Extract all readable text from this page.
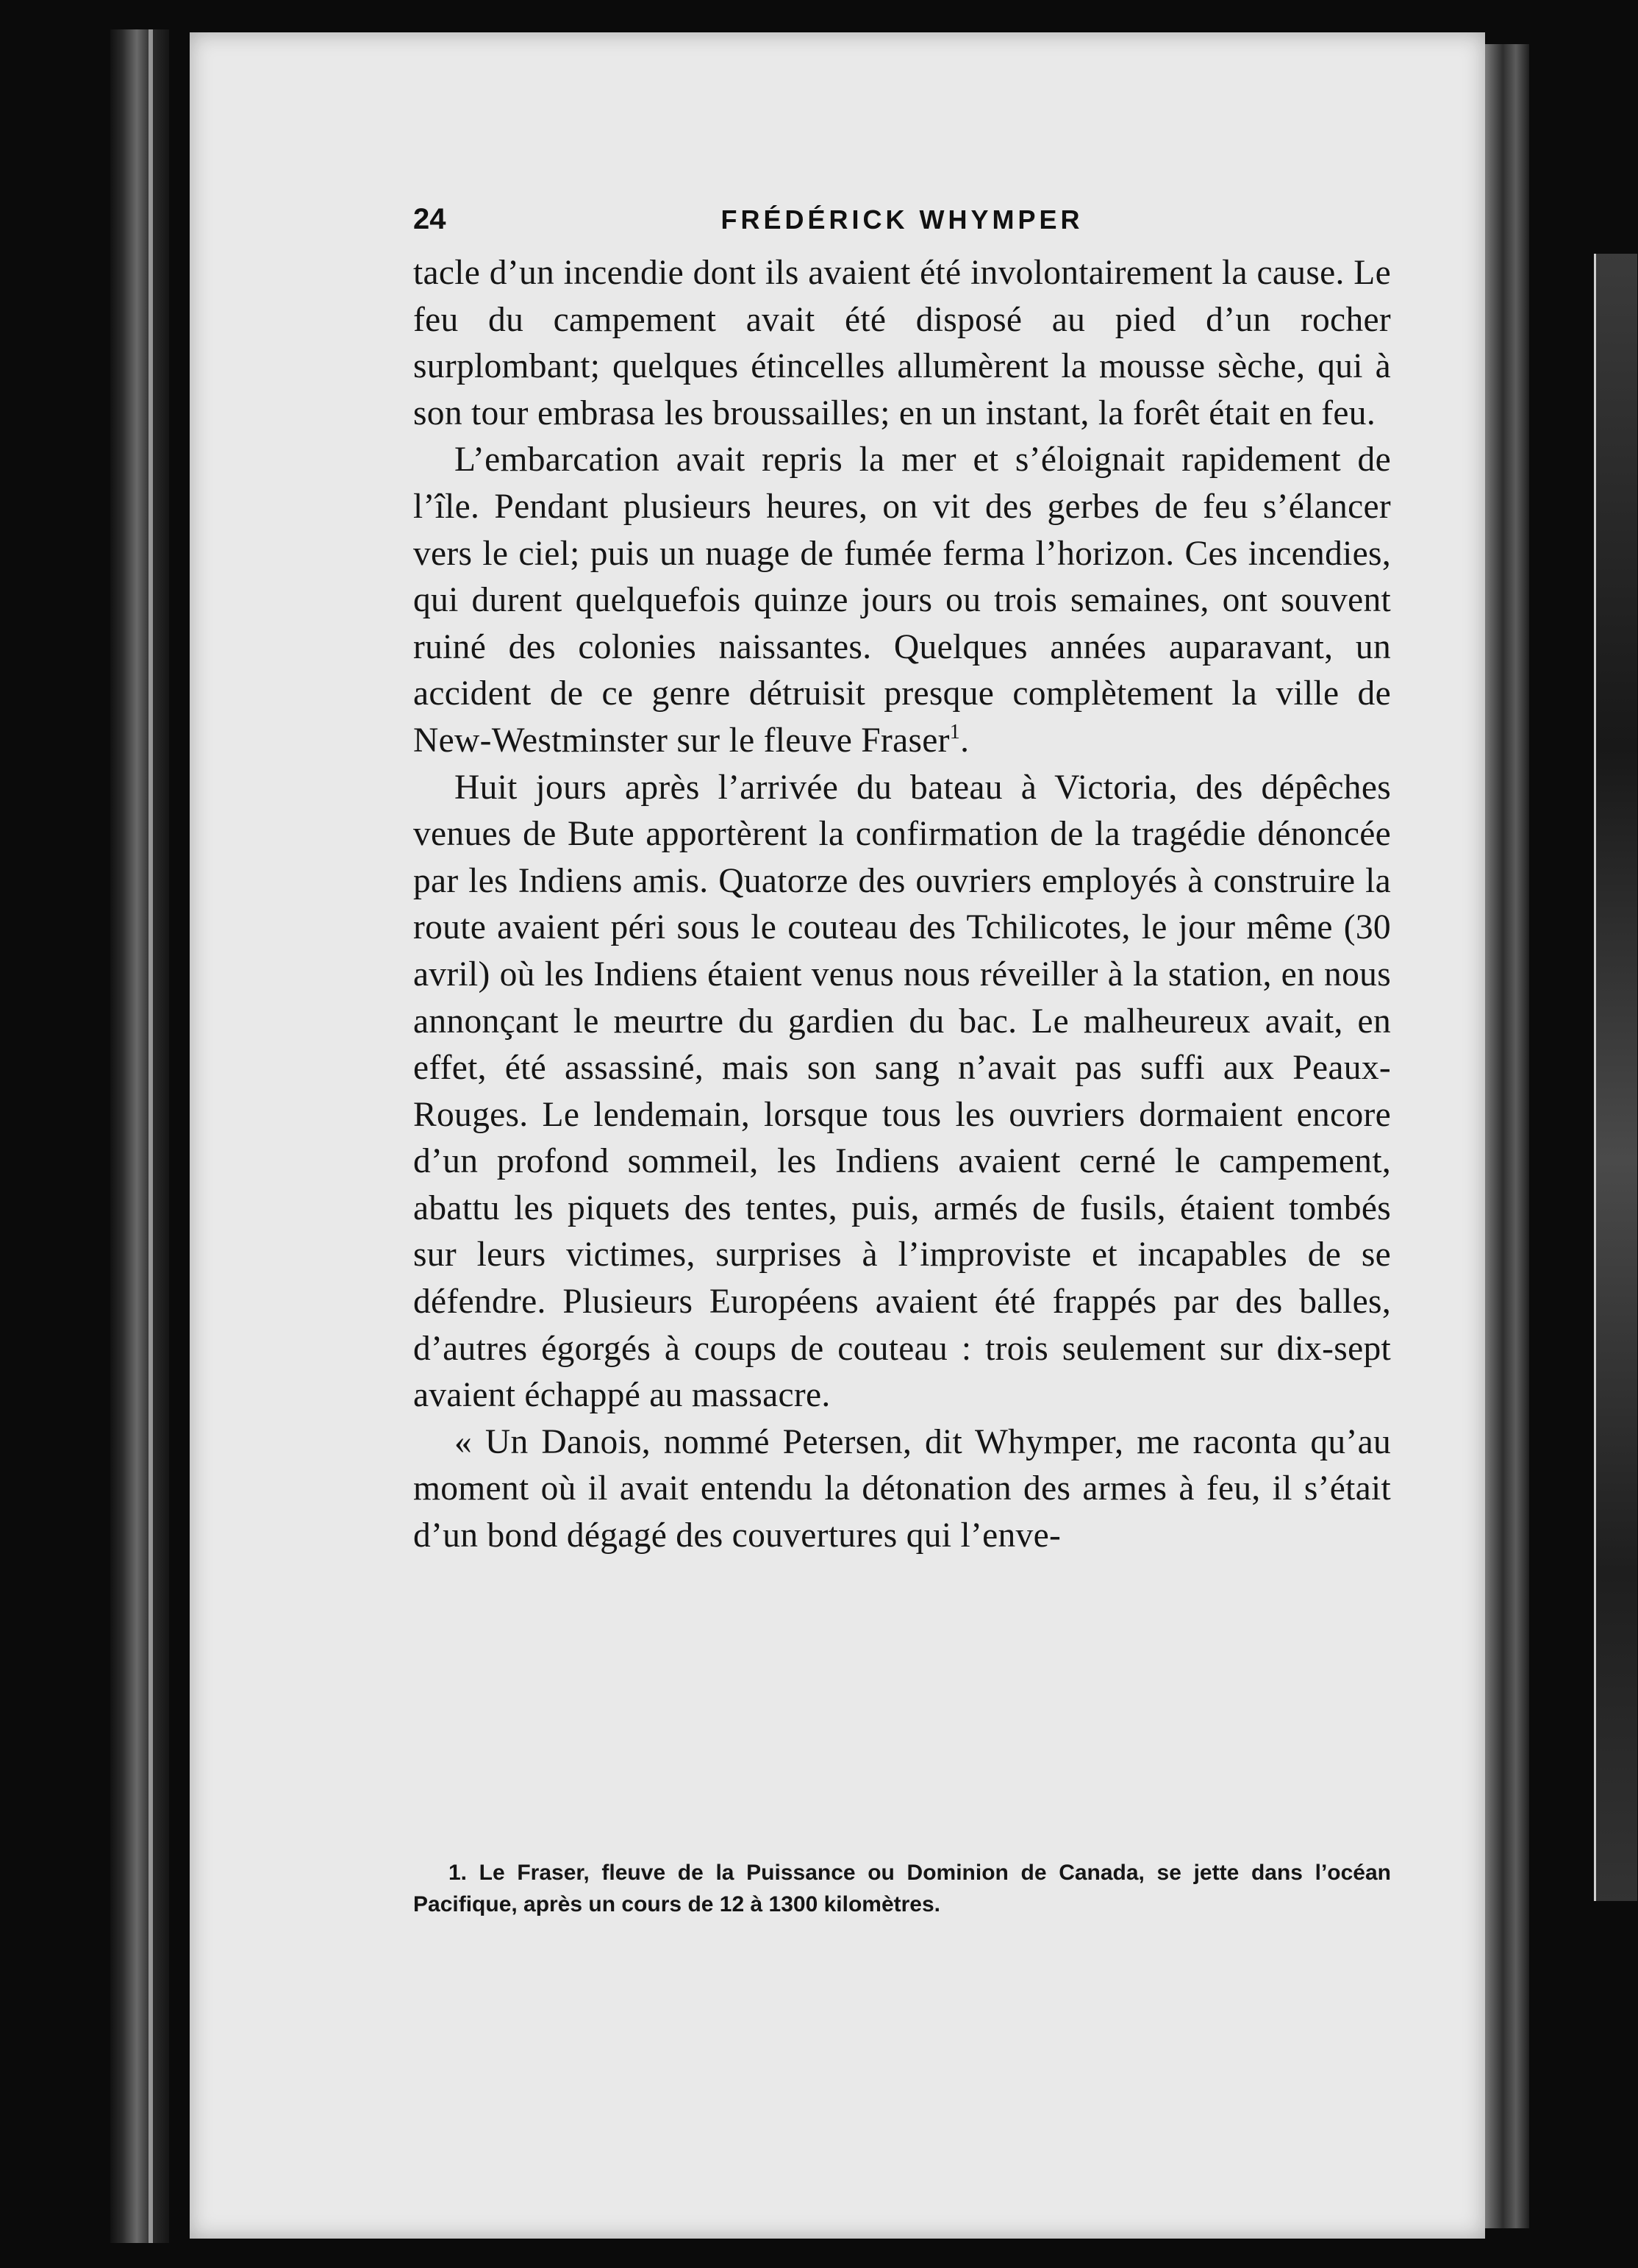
24	FRÉDÉRICK WHYMPER

tacle d’un incendie dont ils avaient été involontairement la cause. Le feu du campement avait été disposé au pied d’un rocher surplombant; quelques étincelles allumèrent la mousse sèche, qui à son tour embrasa les broussailles; en un instant, la forêt était en feu.

L’embarcation avait repris la mer et s’éloignait rapidement de l’île. Pendant plusieurs heures, on vit des gerbes de feu s’élancer vers le ciel; puis un nuage de fumée ferma l’horizon. Ces incendies, qui durent quelquefois quinze jours ou trois semaines, ont souvent ruiné des colonies naissantes. Quelques années auparavant, un accident de ce genre détruisit presque complètement la ville de New-Westminster sur le fleuve Fraser$^1$.

Huit jours après l’arrivée du bateau à Victoria, des dépêches venues de Bute apportèrent la confirmation de la tragédie dénoncée par les Indiens amis. Quatorze des ouvriers employés à construire la route avaient péri sous le couteau des Tchilicotes, le jour même (30 avril) où les Indiens étaient venus nous réveiller à la station, en nous annonçant le meurtre du gardien du bac. Le malheureux avait, en effet, été assassiné, mais son sang n’avait pas suffi aux Peaux-Rouges. Le lendemain, lorsque tous les ouvriers dormaient encore d’un profond sommeil, les Indiens avaient cerné le campement, abattu les piquets des tentes, puis, armés de fusils, étaient tombés sur leurs victimes, surprises à l’improviste et incapables de se défendre. Plusieurs Européens avaient été frappés par des balles, d’autres égorgés à coups de couteau : trois seulement sur dix-sept avaient échappé au massacre.

« Un Danois, nommé Petersen, dit Whymper, me raconta qu’au moment où il avait entendu la détonation des armes à feu, il s’était d’un bond dégagé des couvertures qui l’enve-

1. Le Fraser, fleuve de la Puissance ou Dominion de Canada, se jette dans l’océan Pacifique, après un cours de 12 à 1300 kilomètres.
